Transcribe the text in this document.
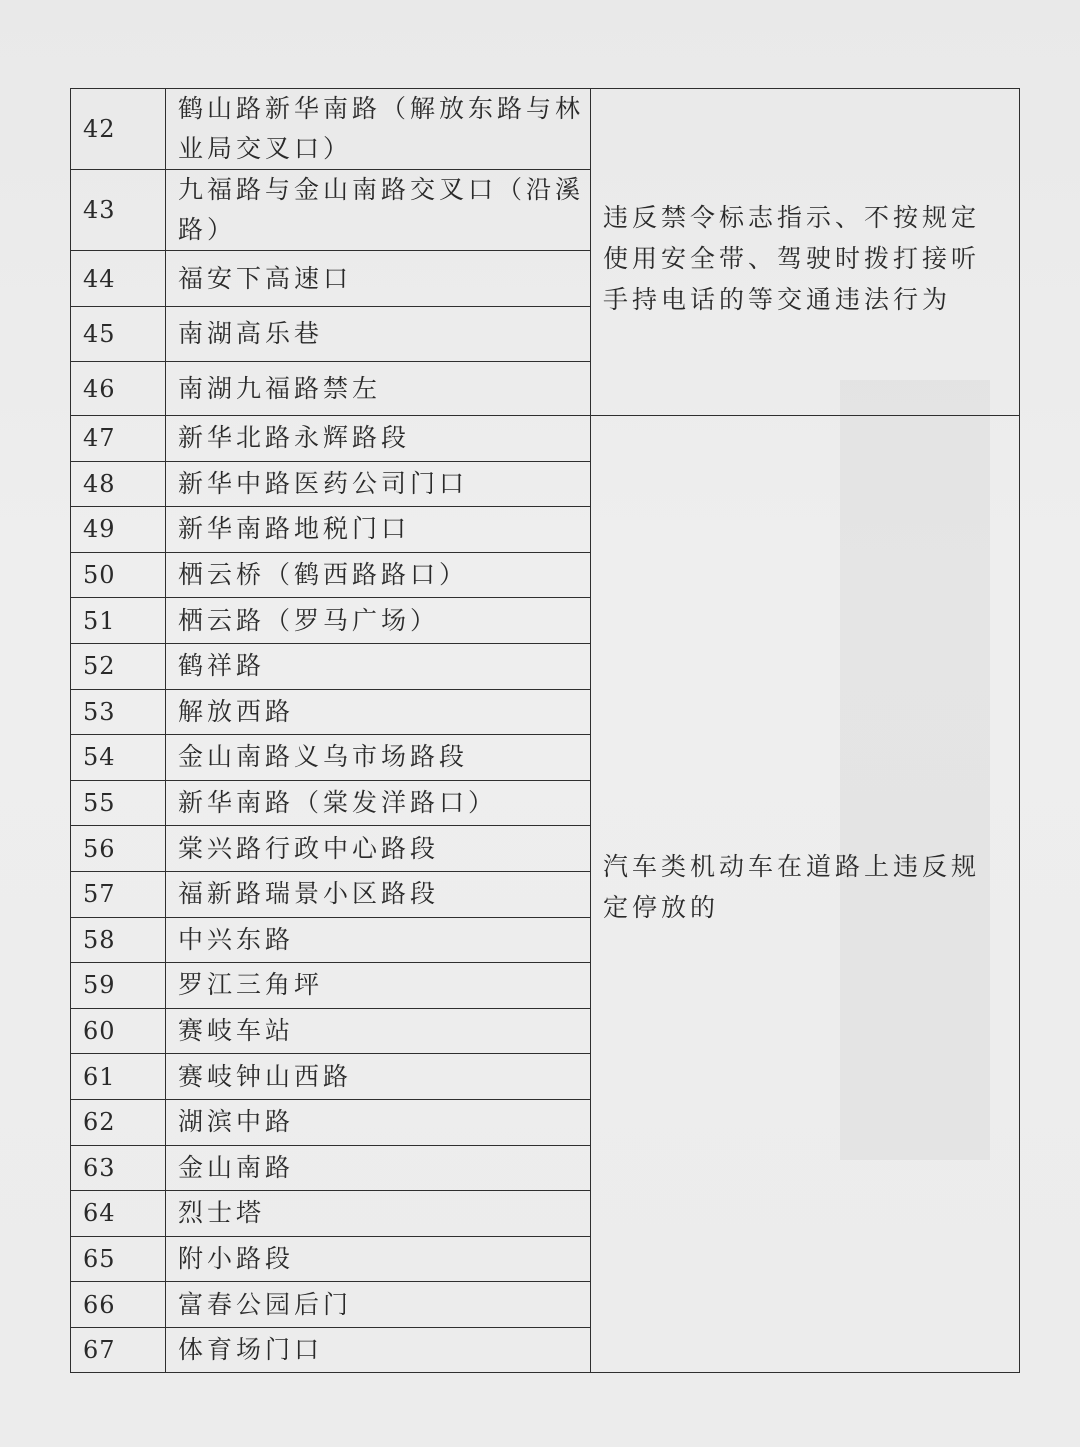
42	鹤山路新华南路（解放东路与林业局交叉口）	违反禁令标志指示、不按规定使用安全带、驾驶时拨打接听手持电话的等交通违法行为
43	九福路与金山南路交叉口（沿溪路）	
44	福安下高速口	
45	南湖高乐巷	
46	南湖九福路禁左	
47	新华北路永辉路段	汽车类机动车在道路上违反规定停放的
48	新华中路医药公司门口	
49	新华南路地税门口	
50	栖云桥（鹤西路路口）	
51	栖云路（罗马广场）	
52	鹤祥路	
53	解放西路	
54	金山南路义乌市场路段	
55	新华南路（棠发洋路口）	
56	棠兴路行政中心路段	
57	福新路瑞景小区路段	
58	中兴东路	
59	罗江三角坪	
60	赛岐车站	
61	赛岐钟山西路	
62	湖滨中路	
63	金山南路	
64	烈士塔	
65	附小路段	
66	富春公园后门	
67	体育场门口	
